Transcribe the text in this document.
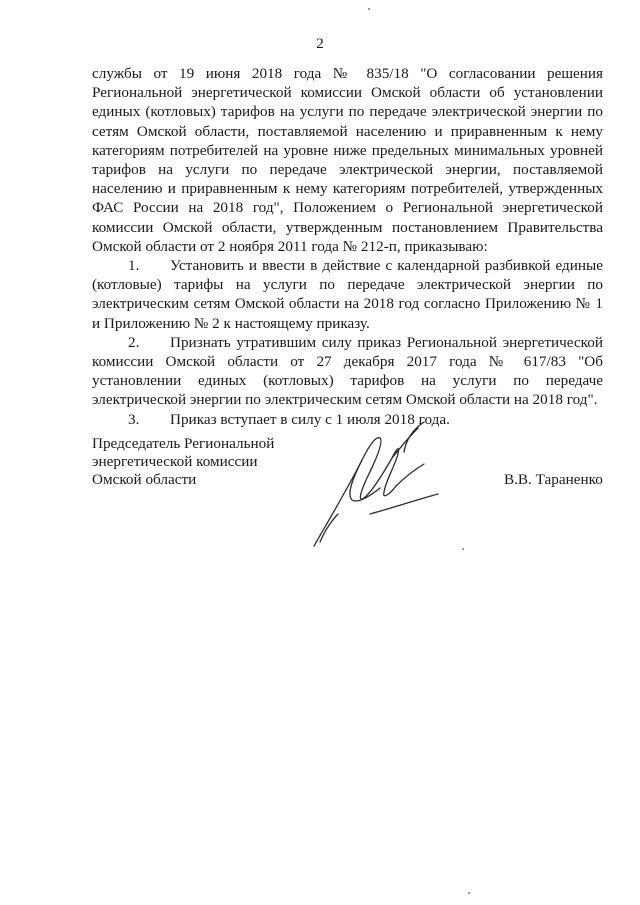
2

службы от 19 июня 2018 года № 835/18 "О согласовании решения Региональной энергетической комиссии Омской области об установлении единых (котловых) тарифов на услуги по передаче электрической энергии по сетям Омской области, поставляемой населению и приравненным к нему категориям потребителей на уровне ниже предельных минимальных уровней тарифов на услуги по передаче электрической энергии, поставляемой населению и приравненным к нему категориям потребителей, утвержденных ФАС России на 2018 год", Положением о Региональной энергетической комиссии Омской области, утвержденным постановлением Правительства Омской области от 2 ноября 2011 года № 212-п, приказываю:

1. Установить и ввести в действие с календарной разбивкой единые (котловые) тарифы на услуги по передаче электрической энергии по электрическим сетям Омской области на 2018 год согласно Приложению № 1 и Приложению № 2 к настоящему приказу.

2. Признать утратившим силу приказ Региональной энергетической комиссии Омской области от 27 декабря 2017 года № 617/83 "Об установлении единых (котловых) тарифов на услуги по передаче электрической энергии по электрическим сетям Омской области на 2018 год".

3. Приказ вступает в силу с 1 июля 2018 года.

Председатель Региональной
энергетической комиссии
Омской области	В.В. Тараненко
